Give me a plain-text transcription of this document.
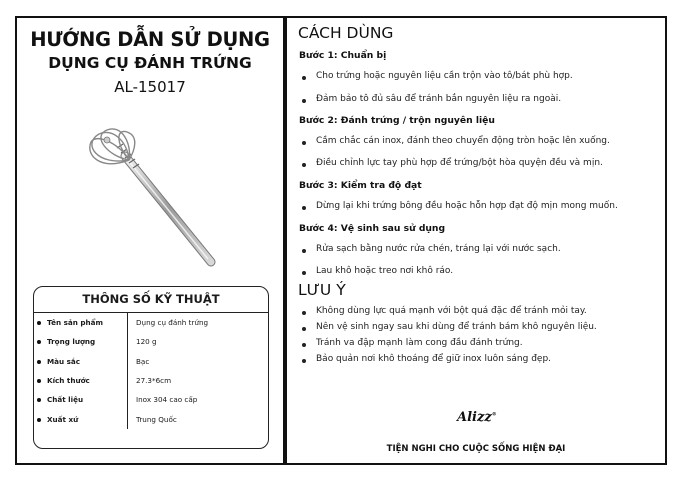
HƯỚNG DẪN SỬ DỤNG
DỤNG CỤ ĐÁNH TRỨNG
AL-15017
THÔNG SỐ KỸ THUẬT
Tên sản phẩm	Dụng cụ đánh trứng
Trọng lượng	120 g
Màu sắc	Bạc
Kích thước	27.3*6cm
Chất liệu	Inox 304 cao cấp
Xuất xứ	Trung Quốc
CÁCH DÙNG
Bước 1: Chuẩn bị
Cho trứng hoặc nguyên liệu cần trộn vào tô/bát phù hợp.
Đảm bảo tô đủ sâu để tránh bắn nguyên liệu ra ngoài.
Bước 2: Đánh trứng / trộn nguyên liệu
Cầm chắc cán inox, đánh theo chuyển động tròn hoặc lên xuống.
Điều chỉnh lực tay phù hợp để trứng/bột hòa quyện đều và mịn.
Bước 3: Kiểm tra độ đạt
Dừng lại khi trứng bông đều hoặc hỗn hợp đạt độ mịn mong muốn.
Bước 4: Vệ sinh sau sử dụng
Rửa sạch bằng nước rửa chén, tráng lại với nước sạch.
Lau khô hoặc treo nơi khô ráo.
LƯU Ý
Không dùng lực quá mạnh với bột quá đặc để tránh mỏi tay.
Nên vệ sinh ngay sau khi dùng để tránh bám khô nguyên liệu.
Tránh va đập mạnh làm cong đầu đánh trứng.
Bảo quản nơi khô thoáng để giữ inox luôn sáng đẹp.
Alizz®
TIỆN NGHI CHO CUỘC SỐNG HIỆN ĐẠI
